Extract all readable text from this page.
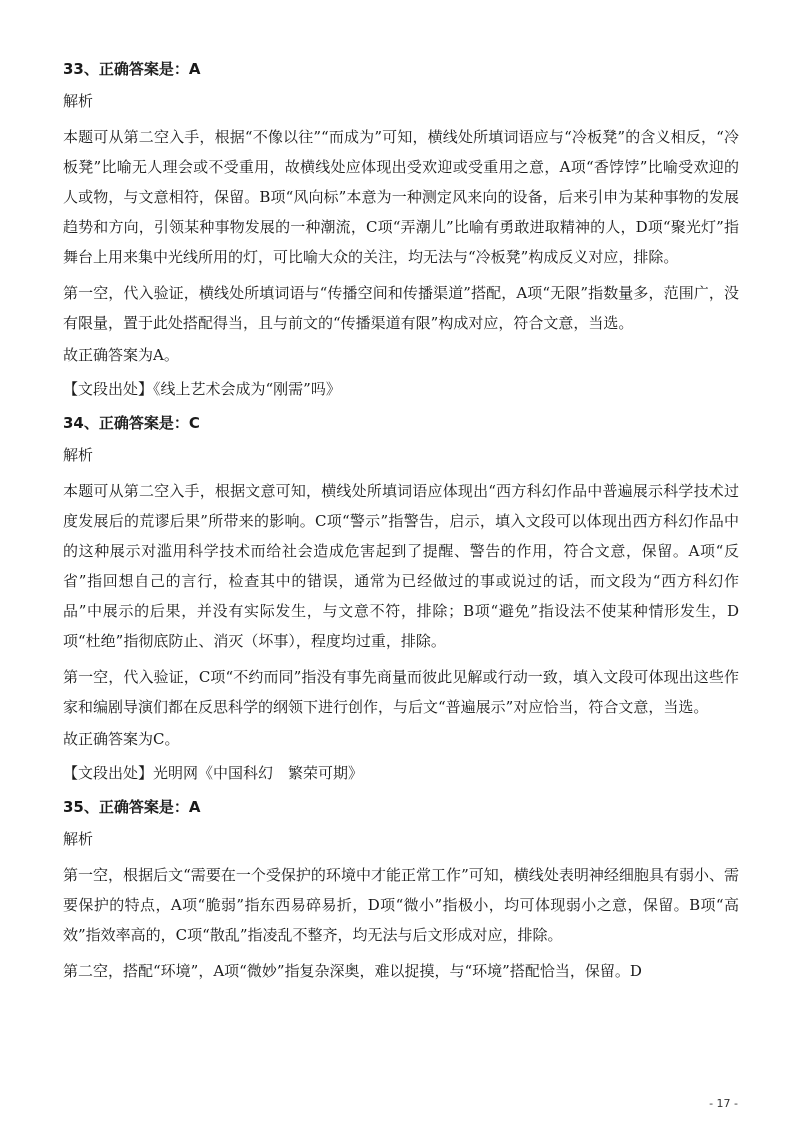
33、正确答案是：A
解析

本题可从第二空入手，根据“不像以往”“而成为”可知，横线处所填词语应与“冷板凳”的含义相反，“冷板凳”比喻无人理会或不受重用，故横线处应体现出受欢迎或受重用之意，A项“香饽饽”比喻受欢迎的人或物，与文意相符，保留。B项“风向标”本意为一种测定风来向的设备，后来引申为某种事物的发展趋势和方向，引领某种事物发展的一种潮流，C项“弄潮儿”比喻有勇敢进取精神的人，D项“聚光灯”指舞台上用来集中光线所用的灯，可比喻大众的关注，均无法与“冷板凳”构成反义对应，排除。

第一空，代入验证，横线处所填词语与“传播空间和传播渠道”搭配，A项“无限”指数量多，范围广，没有限量，置于此处搭配得当，且与前文的“传播渠道有限”构成对应，符合文意，当选。

故正确答案为A。
【文段出处】《线上艺术会成为“刚需”吗》
34、正确答案是：C
解析

本题可从第二空入手，根据文意可知，横线处所填词语应体现出“西方科幻作品中普遍展示科学技术过度发展后的荒谬后果”所带来的影响。C项“警示”指警告，启示，填入文段可以体现出西方科幻作品中的这种展示对滥用科学技术而给社会造成危害起到了提醒、警告的作用，符合文意，保留。A项“反省”指回想自己的言行，检查其中的错误，通常为已经做过的事或说过的话，而文段为“西方科幻作品”中展示的后果，并没有实际发生，与文意不符，排除；B项“避免”指设法不使某种情形发生，D项“杜绝”指彻底防止、消灭（坏事），程度均过重，排除。

第一空，代入验证，C项“不约而同”指没有事先商量而彼此见解或行动一致，填入文段可体现出这些作家和编剧导演们都在反思科学的纲领下进行创作，与后文“普遍展示”对应恰当，符合文意，当选。

故正确答案为C。
【文段出处】光明网《中国科幻　繁荣可期》
35、正确答案是：A
解析

第一空，根据后文“需要在一个受保护的环境中才能正常工作”可知，横线处表明神经细胞具有弱小、需要保护的特点，A项“脆弱”指东西易碎易折，D项“微小”指极小，均可体现弱小之意，保留。B项“高效”指效率高的，C项“散乱”指凌乱不整齐，均无法与后文形成对应，排除。

第二空，搭配“环境”，A项“微妙”指复杂深奥，难以捉摸，与“环境”搭配恰当，保留。D

- 17 -
